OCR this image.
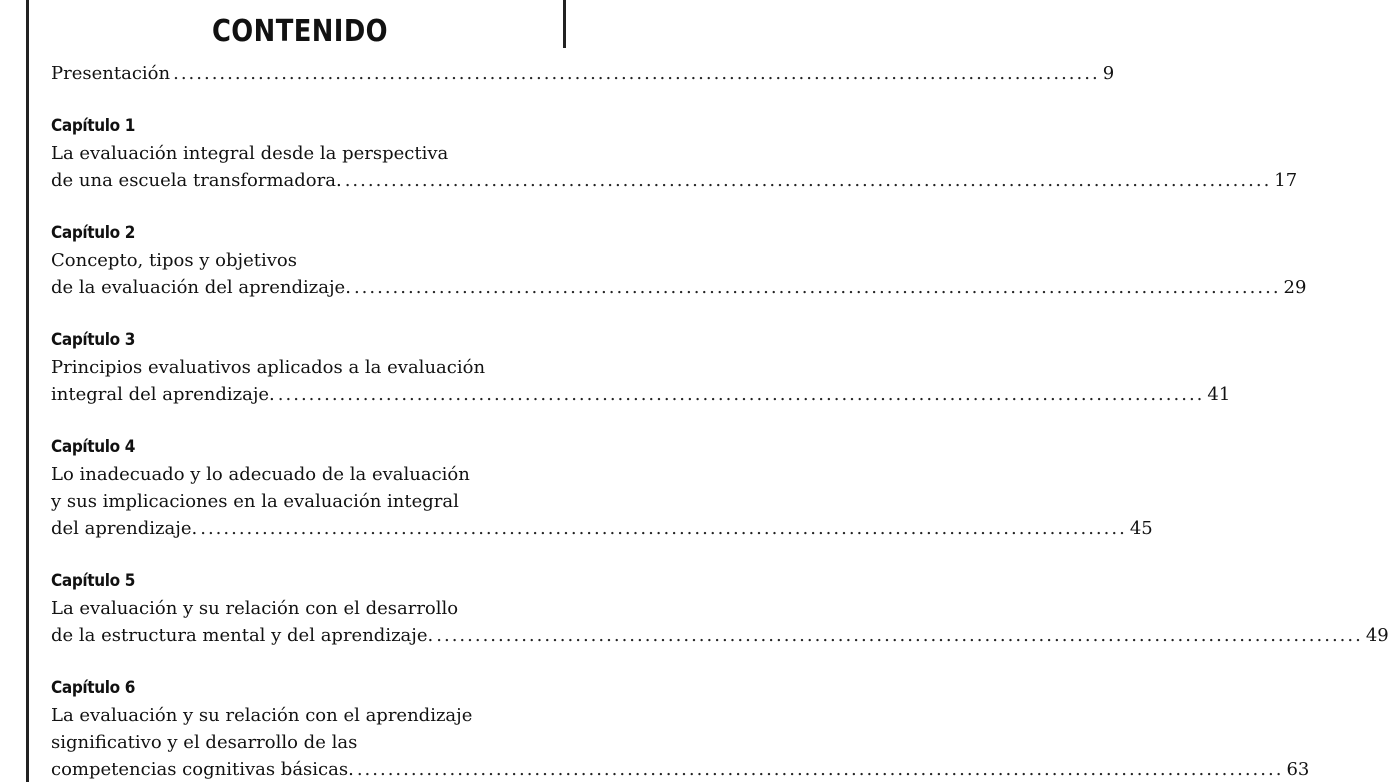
CONTENIDO
Presentación ........................................................................................................................ 9
Capítulo 1
La evaluación integral desde la perspectiva
de una escuela transformadora. ........................................................................................................................ 17
Capítulo 2
Concepto, tipos y objetivos
de la evaluación del aprendizaje. ........................................................................................................................ 29
Capítulo 3
Principios evaluativos aplicados a la evaluación
integral del aprendizaje. ........................................................................................................................ 41
Capítulo 4
Lo inadecuado y lo adecuado de la evaluación
y sus implicaciones en la evaluación integral
del aprendizaje. ........................................................................................................................ 45
Capítulo 5
La evaluación y su relación con el desarrollo
de la estructura mental y del aprendizaje. ........................................................................................................................ 49
Capítulo 6
La evaluación y su relación con el aprendizaje
significativo y el desarrollo de las
competencias cognitivas básicas. ........................................................................................................................ 63
